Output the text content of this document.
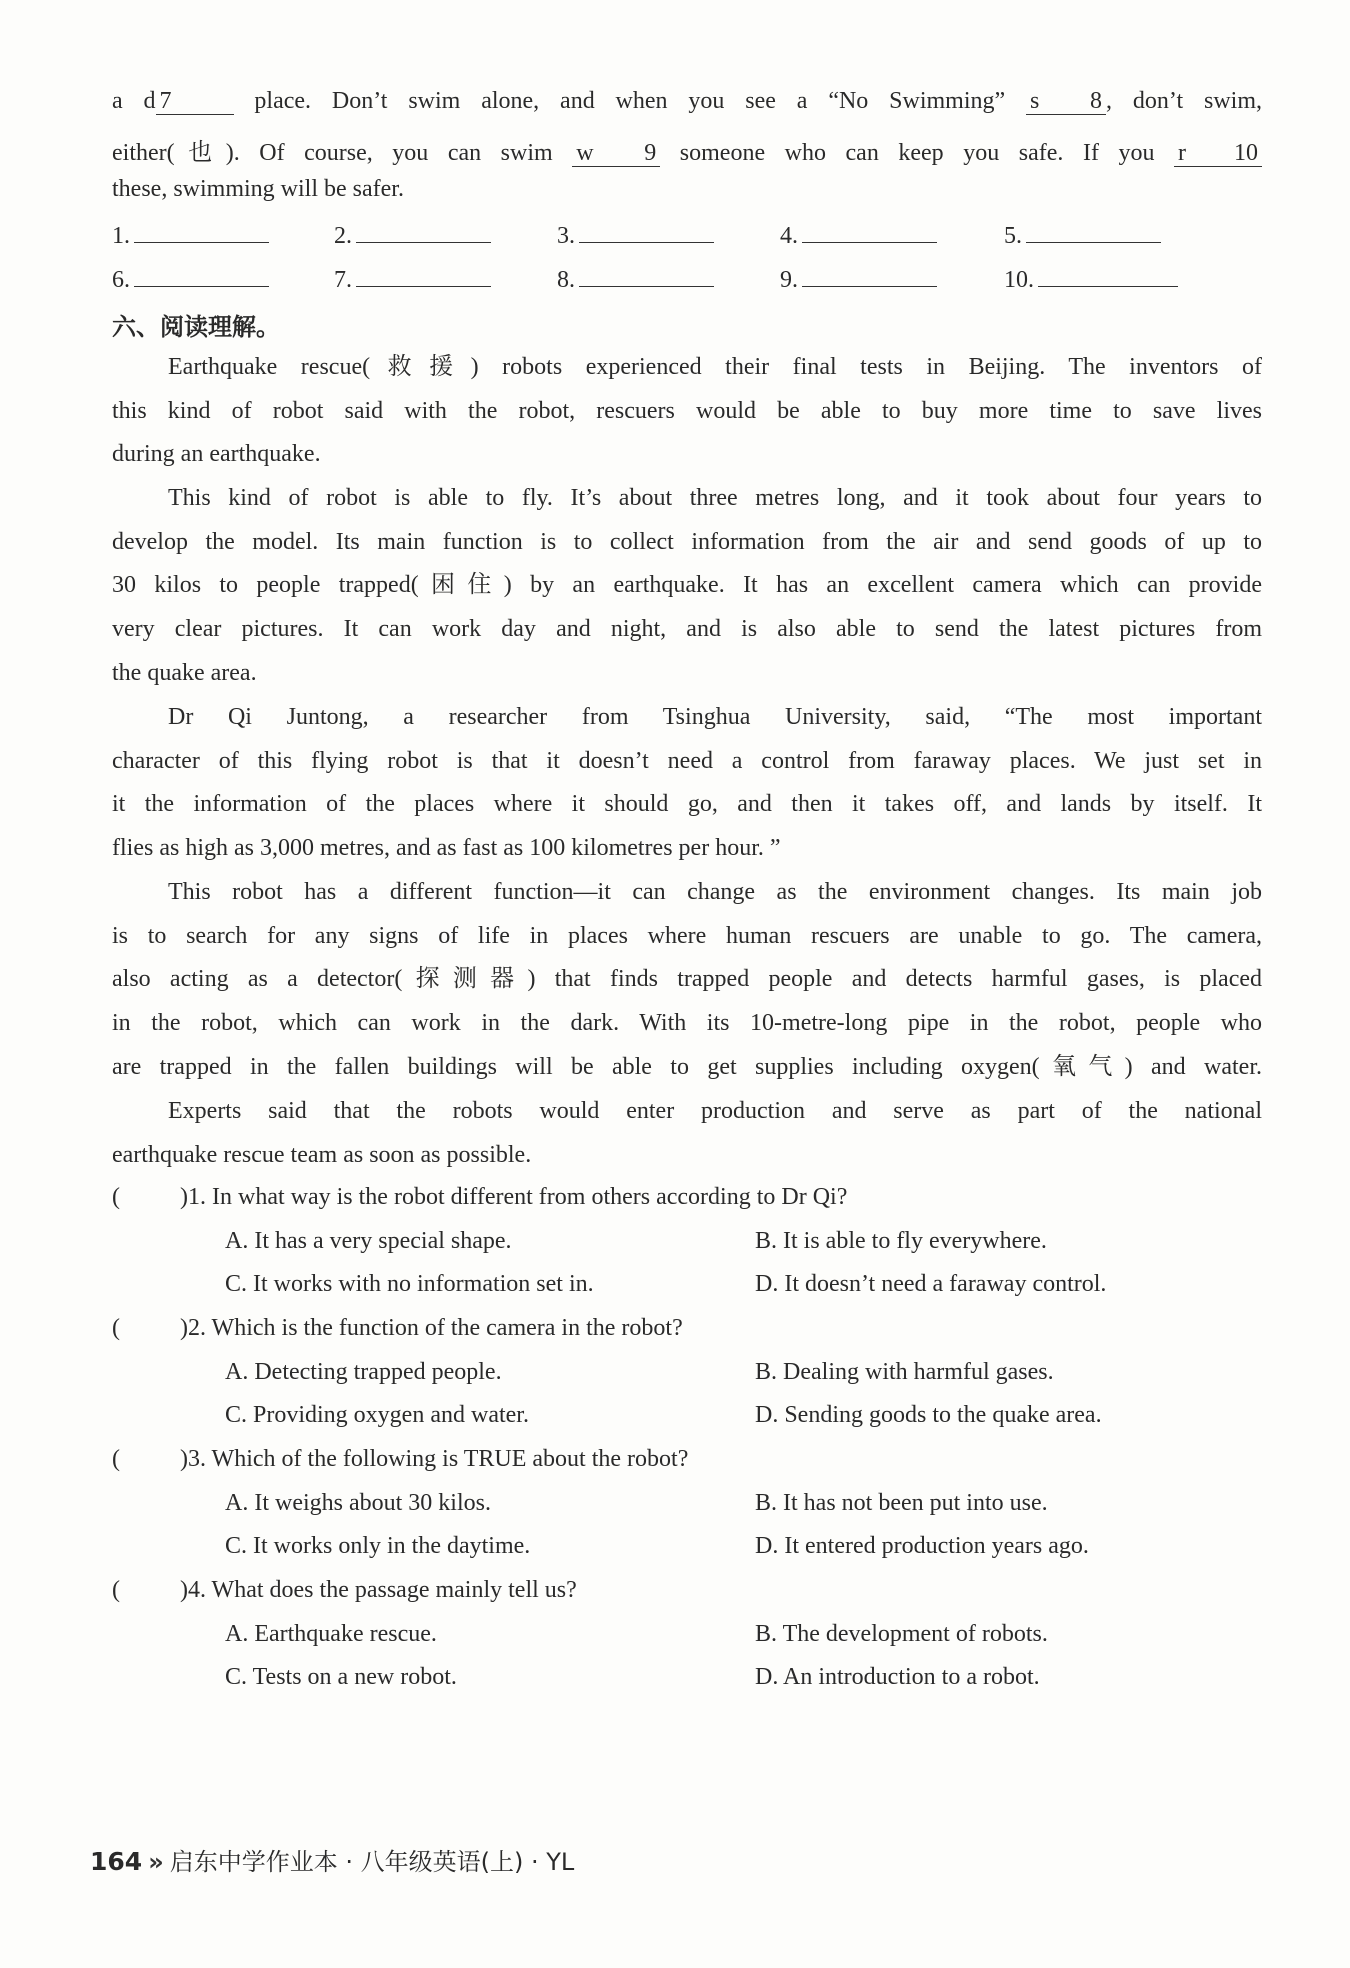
a d 7	place. Don’t swim alone, and when you see a “No Swimming” s 8 , don’t swim,
either(也). Of course, you can swim w 9 someone who can keep you safe. If you r 10
these, swimming will be safer.
1.	2.	3.	4.	5.
6.	7.	8.	9.	10.
六、阅读理解。
Earthquake rescue(救援) robots experienced their final tests in Beijing. The inventors of
this kind of robot said with the robot, rescuers would be able to buy more time to save lives
during an earthquake.
This kind of robot is able to fly. It’s about three metres long, and it took about four years to
develop the model. Its main function is to collect information from the air and send goods of up to
30 kilos to people trapped(困住) by an earthquake. It has an excellent camera which can provide
very clear pictures. It can work day and night, and is also able to send the latest pictures from
the quake area.
Dr Qi Juntong, a researcher from Tsinghua University, said, “The most important
character of this flying robot is that it doesn’t need a control from faraway places. We just set in
it the information of the places where it should go, and then it takes off, and lands by itself. It
flies as high as 3,000 metres, and as fast as 100 kilometres per hour. ”
This robot has a different function—it can change as the environment changes. Its main job
is to search for any signs of life in places where human rescuers are unable to go. The camera,
also acting as a detector(探测器) that finds trapped people and detects harmful gases, is placed
in the robot, which can work in the dark. With its 10-metre-long pipe in the robot, people who
are trapped in the fallen buildings will be able to get supplies including oxygen(氧气) and water.
Experts said that the robots would enter production and serve as part of the national
earthquake rescue team as soon as possible.
(	)1. In what way is the robot different from others according to Dr Qi?
A. It has a very special shape.	B. It is able to fly everywhere.
C. It works with no information set in.	D. It doesn’t need a faraway control.
(	)2. Which is the function of the camera in the robot?
A. Detecting trapped people.	B. Dealing with harmful gases.
C. Providing oxygen and water.	D. Sending goods to the quake area.
(	)3. Which of the following is TRUE about the robot?
A. It weighs about 30 kilos.	B. It has not been put into use.
C. It works only in the daytime.	D. It entered production years ago.
(	)4. What does the passage mainly tell us?
A. Earthquake rescue.	B. The development of robots.
C. Tests on a new robot.	D. An introduction to a robot.
164 » 启东中学作业本 · 八年级英语(上) · YL
